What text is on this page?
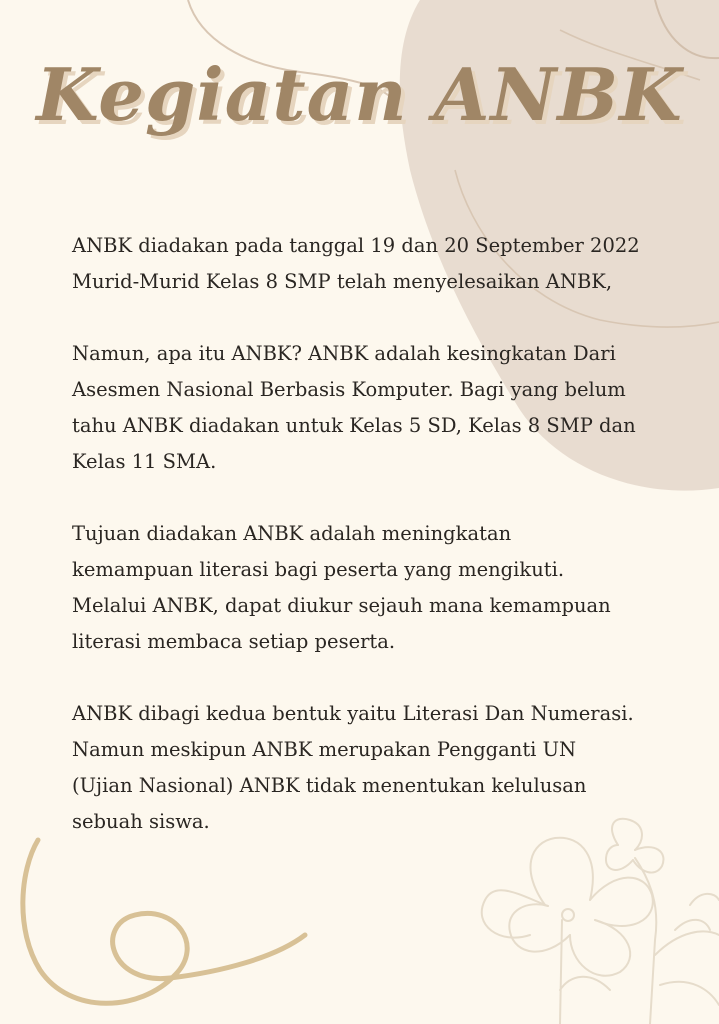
Kegiatan ANBK

ANBK diadakan pada tanggal 19 dan 20 September 2022
Murid-Murid Kelas 8 SMP telah menyelesaikan ANBK,

Namun, apa itu ANBK? ANBK adalah kesingkatan Dari
Asesmen Nasional Berbasis Komputer. Bagi yang belum
tahu ANBK diadakan untuk Kelas 5 SD, Kelas 8 SMP dan
Kelas 11 SMA.

Tujuan diadakan ANBK adalah meningkatan
kemampuan literasi bagi peserta yang mengikuti.
Melalui ANBK, dapat diukur sejauh mana kemampuan
literasi membaca setiap peserta.

ANBK dibagi kedua bentuk yaitu Literasi Dan Numerasi.
Namun meskipun ANBK merupakan Pengganti UN
(Ujian Nasional) ANBK tidak menentukan kelulusan
sebuah siswa.
